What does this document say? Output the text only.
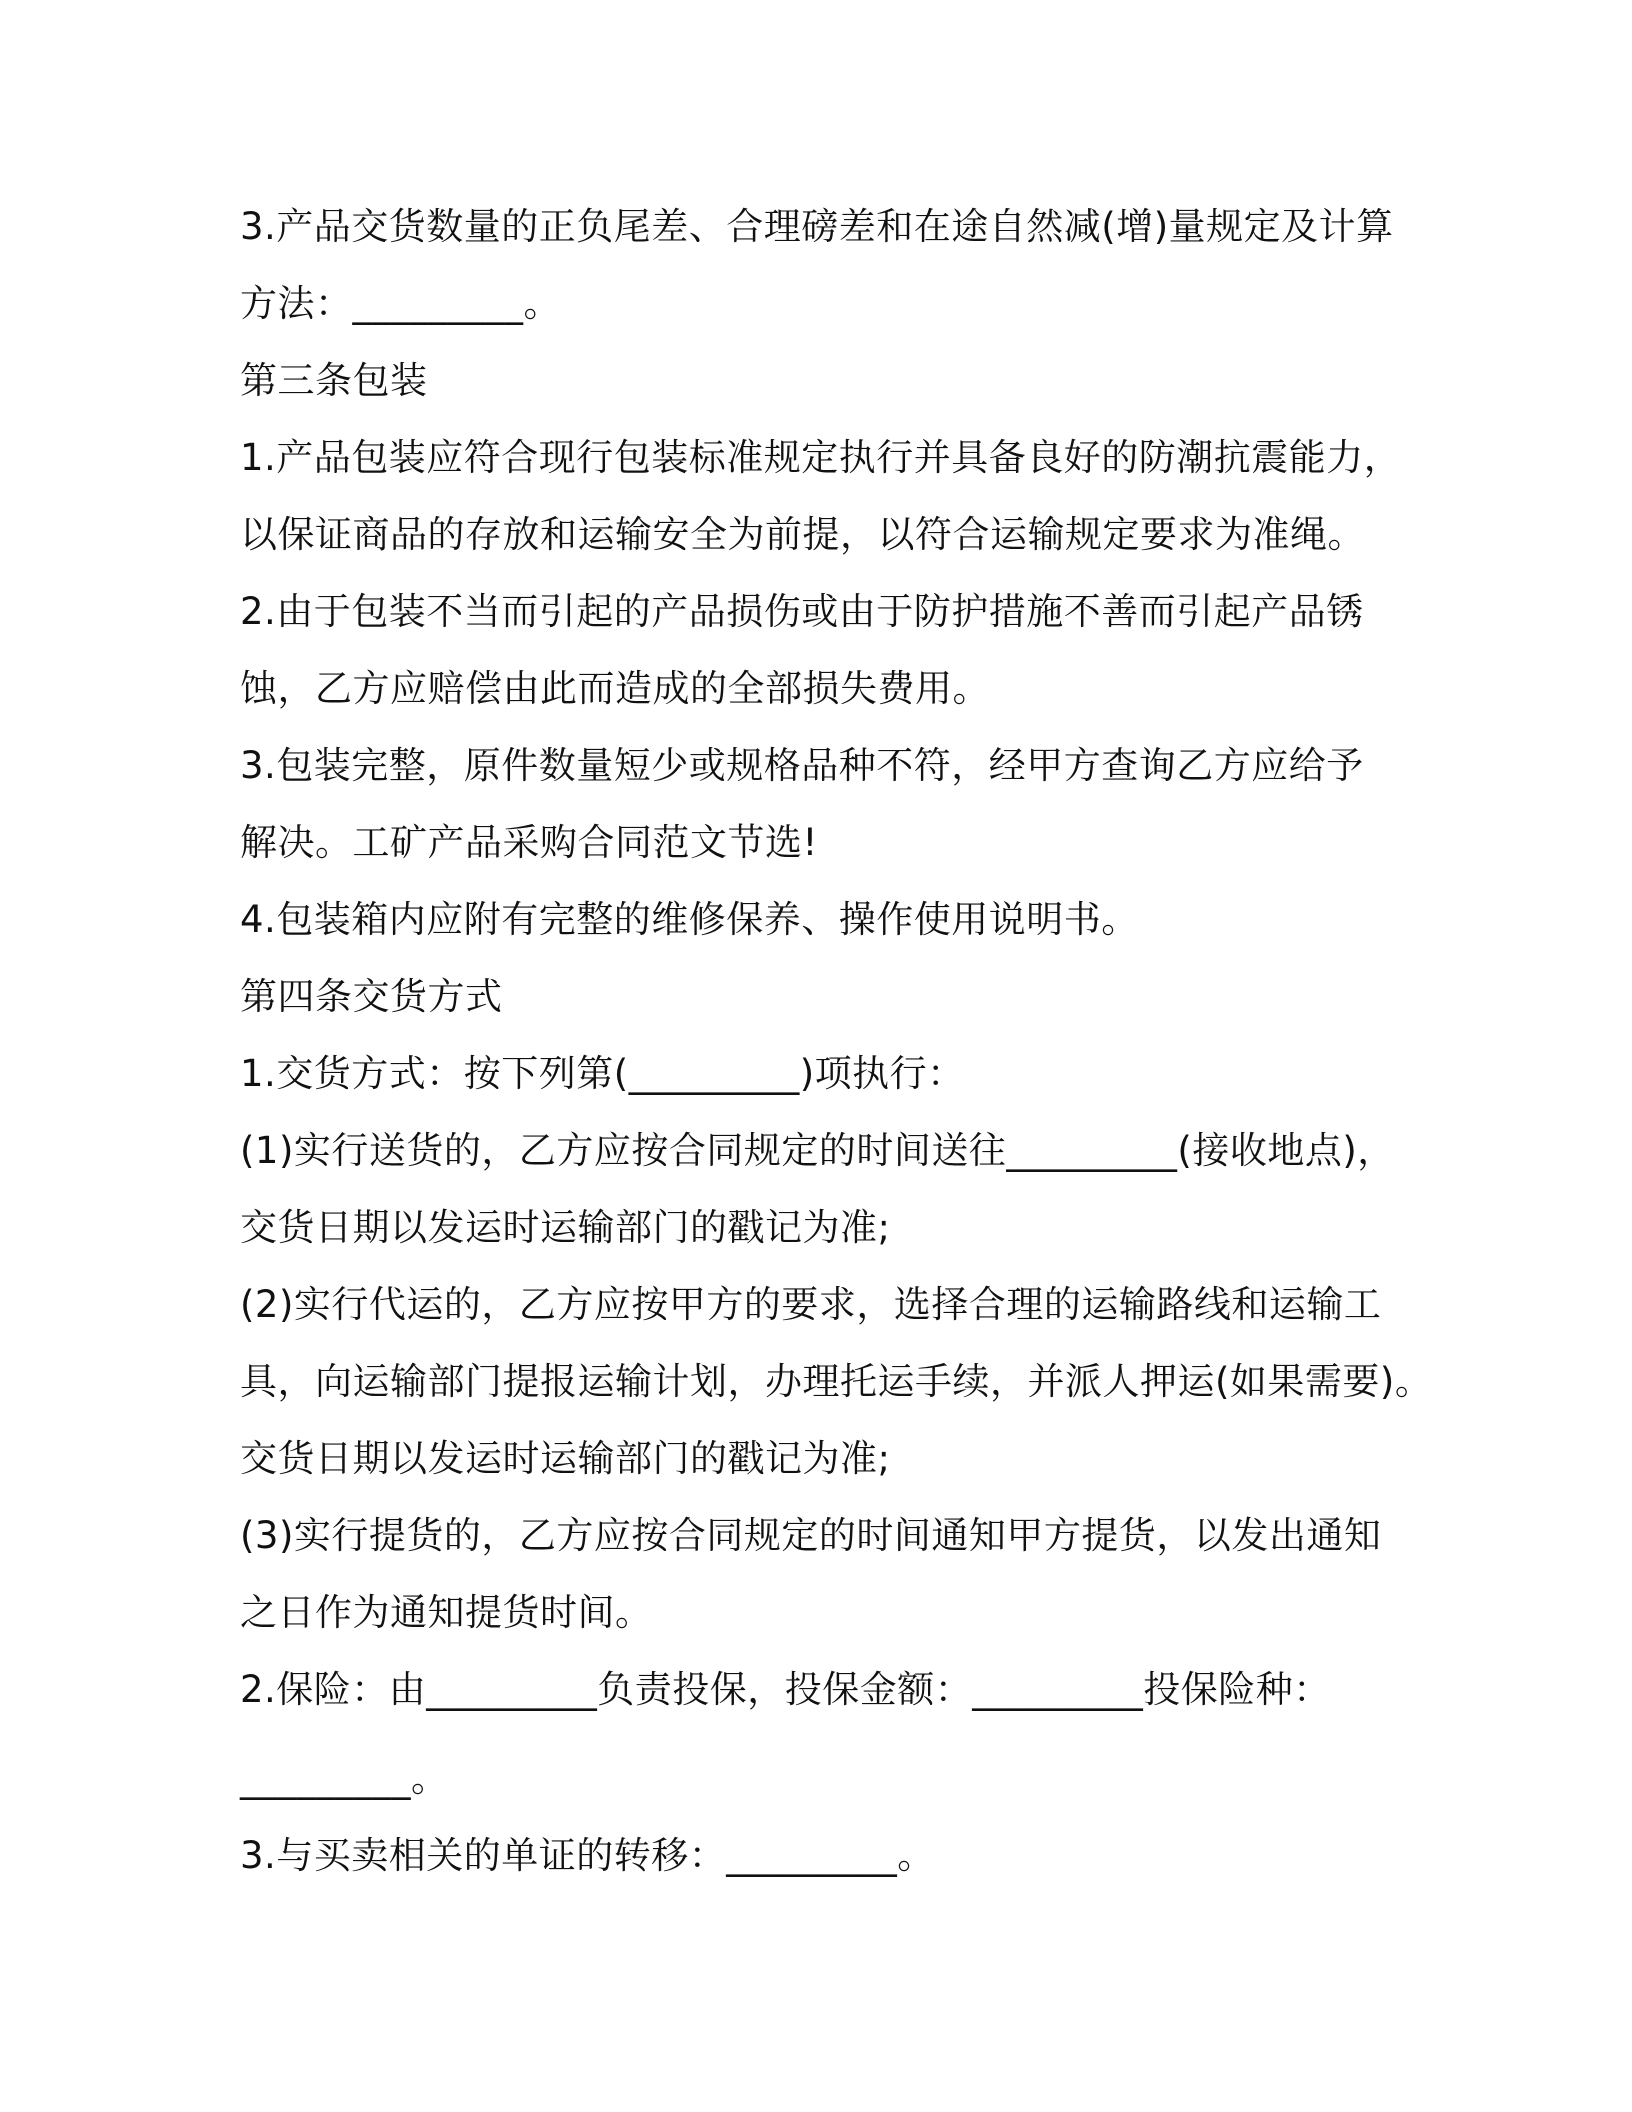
3.产品交货数量的正负尾差、合理磅差和在途自然减(增)量规定及计算
方法：_________。
第三条包装
1.产品包装应符合现行包装标准规定执行并具备良好的防潮抗震能力，
以保证商品的存放和运输安全为前提，以符合运输规定要求为准绳。
2.由于包装不当而引起的产品损伤或由于防护措施不善而引起产品锈
蚀，乙方应赔偿由此而造成的全部损失费用。
3.包装完整，原件数量短少或规格品种不符，经甲方查询乙方应给予
解决。工矿产品采购合同范文节选!
4.包装箱内应附有完整的维修保养、操作使用说明书。
第四条交货方式
1.交货方式：按下列第(_________)项执行：
(1)实行送货的，乙方应按合同规定的时间送往_________(接收地点)，
交货日期以发运时运输部门的戳记为准;
(2)实行代运的，乙方应按甲方的要求，选择合理的运输路线和运输工
具，向运输部门提报运输计划，办理托运手续，并派人押运(如果需要)。
交货日期以发运时运输部门的戳记为准;
(3)实行提货的，乙方应按合同规定的时间通知甲方提货，以发出通知
之日作为通知提货时间。
2.保险：由_________负责投保，投保金额：_________投保险种：
_________。
3.与买卖相关的单证的转移：_________。
